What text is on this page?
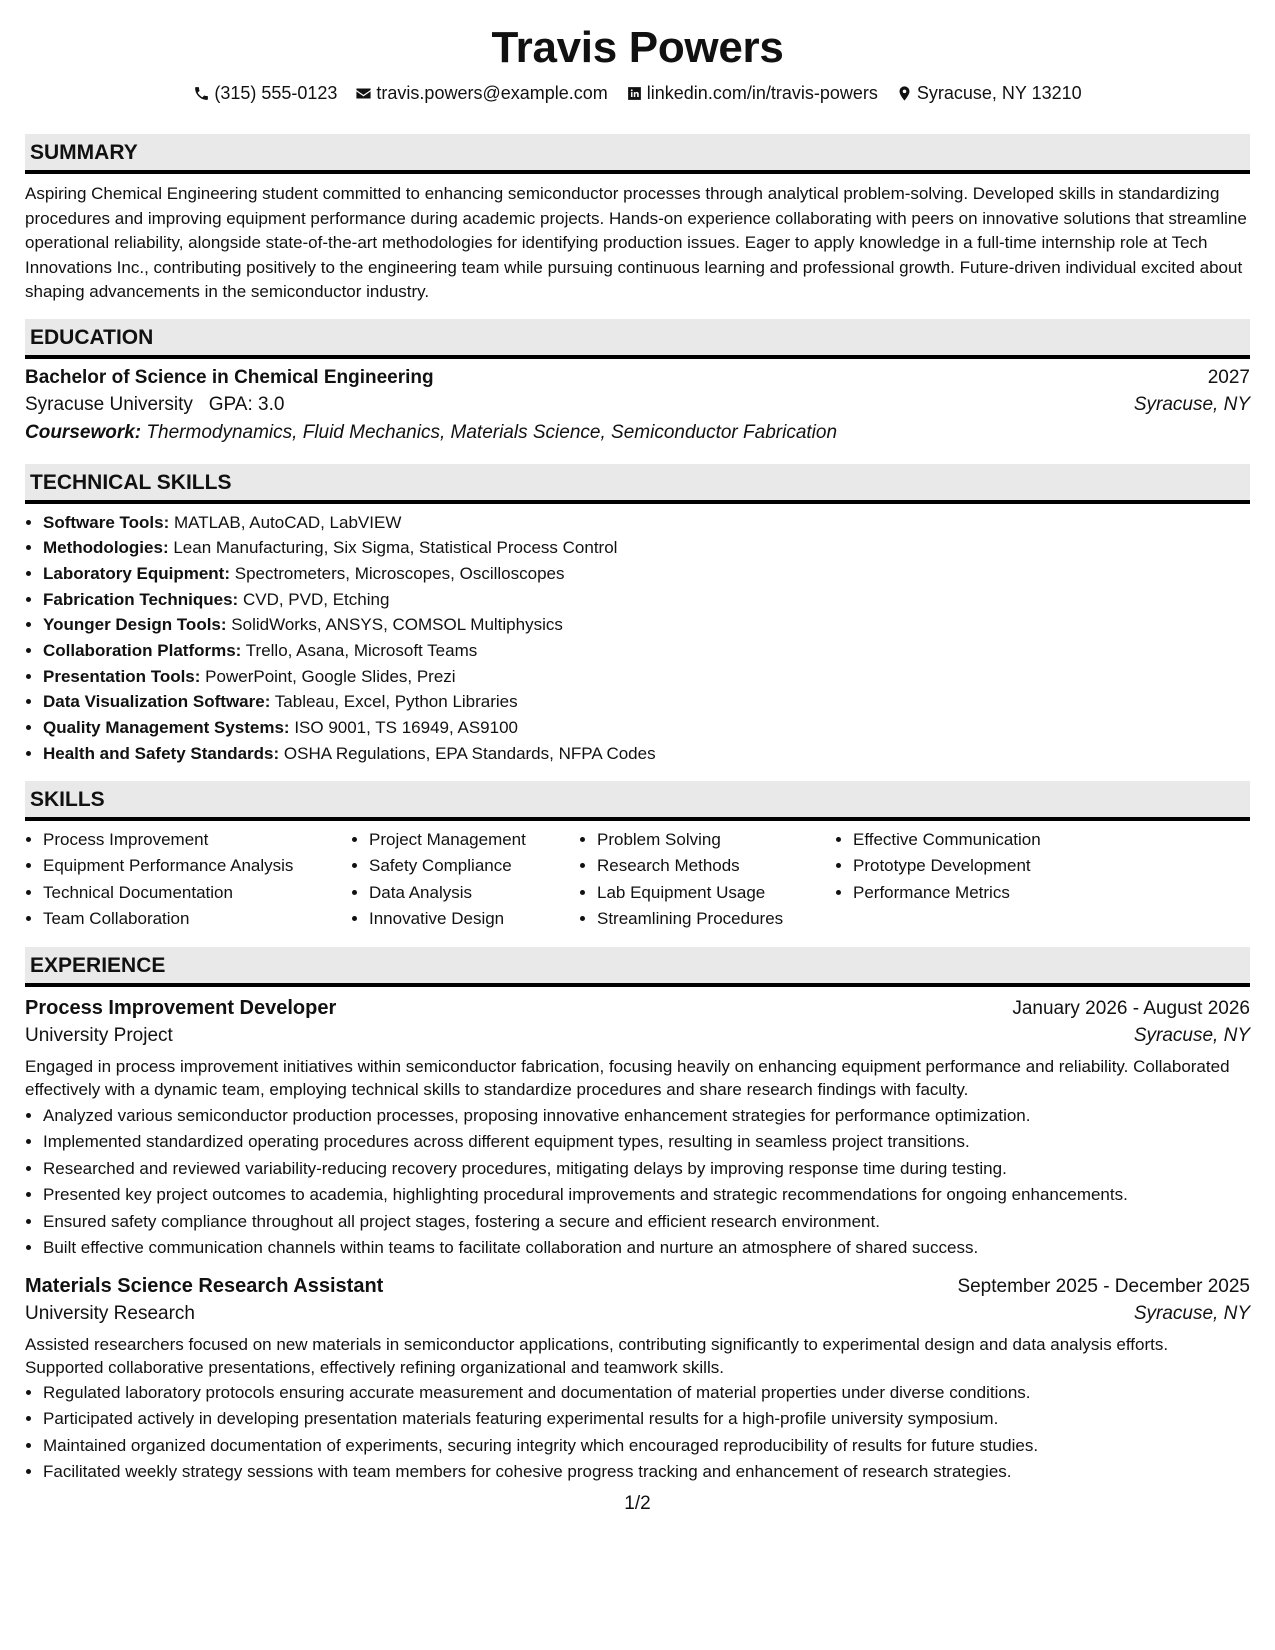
Travis Powers
(315) 555-0123 travis.powers@example.com linkedin.com/in/travis-powers Syracuse, NY 13210
SUMMARY

Aspiring Chemical Engineering student committed to enhancing semiconductor processes through analytical problem-solving. Developed skills in standardizing procedures and improving equipment performance during academic projects. Hands-on experience collaborating with peers on innovative solutions that streamline operational reliability, alongside state-of-the-art methodologies for identifying production issues. Eager to apply knowledge in a full-time internship role at Tech Innovations Inc., contributing positively to the engineering team while pursuing continuous learning and professional growth. Future-driven individual excited about shaping advancements in the semiconductor industry.

EDUCATION
Bachelor of Science in Chemical Engineering	2027
Syracuse University GPA: 3.0	Syracuse, NY
Coursework: Thermodynamics, Fluid Mechanics, Materials Science, Semiconductor Fabrication
TECHNICAL SKILLS
• Software Tools: MATLAB, AutoCAD, LabVIEW
• Methodologies: Lean Manufacturing, Six Sigma, Statistical Process Control
• Laboratory Equipment: Spectrometers, Microscopes, Oscilloscopes
• Fabrication Techniques: CVD, PVD, Etching
• Younger Design Tools: SolidWorks, ANSYS, COMSOL Multiphysics
• Collaboration Platforms: Trello, Asana, Microsoft Teams
• Presentation Tools: PowerPoint, Google Slides, Prezi
• Data Visualization Software: Tableau, Excel, Python Libraries
• Quality Management Systems: ISO 9001, TS 16949, AS9100
• Health and Safety Standards: OSHA Regulations, EPA Standards, NFPA Codes
SKILLS
• Process Improvement
• Equipment Performance Analysis
• Technical Documentation
• Team Collaboration
• Project Management
• Safety Compliance
• Data Analysis
• Innovative Design
• Problem Solving
• Research Methods
• Lab Equipment Usage
• Streamlining Procedures
• Effective Communication
• Prototype Development
• Performance Metrics
EXPERIENCE
Process Improvement Developer	January 2026 - August 2026
University Project	Syracuse, NY

Engaged in process improvement initiatives within semiconductor fabrication, focusing heavily on enhancing equipment performance and reliability. Collaborated effectively with a dynamic team, employing technical skills to standardize procedures and share research findings with faculty.

• Analyzed various semiconductor production processes, proposing innovative enhancement strategies for performance optimization.
• Implemented standardized operating procedures across different equipment types, resulting in seamless project transitions.
• Researched and reviewed variability-reducing recovery procedures, mitigating delays by improving response time during testing.
• Presented key project outcomes to academia, highlighting procedural improvements and strategic recommendations for ongoing enhancements.
• Ensured safety compliance throughout all project stages, fostering a secure and efficient research environment.
• Built effective communication channels within teams to facilitate collaboration and nurture an atmosphere of shared success.
Materials Science Research Assistant	September 2025 - December 2025
University Research	Syracuse, NY

Assisted researchers focused on new materials in semiconductor applications, contributing significantly to experimental design and data analysis efforts. Supported collaborative presentations, effectively refining organizational and teamwork skills.

• Regulated laboratory protocols ensuring accurate measurement and documentation of material properties under diverse conditions.
• Participated actively in developing presentation materials featuring experimental results for a high-profile university symposium.
• Maintained organized documentation of experiments, securing integrity which encouraged reproducibility of results for future studies.
• Facilitated weekly strategy sessions with team members for cohesive progress tracking and enhancement of research strategies.
1/2
